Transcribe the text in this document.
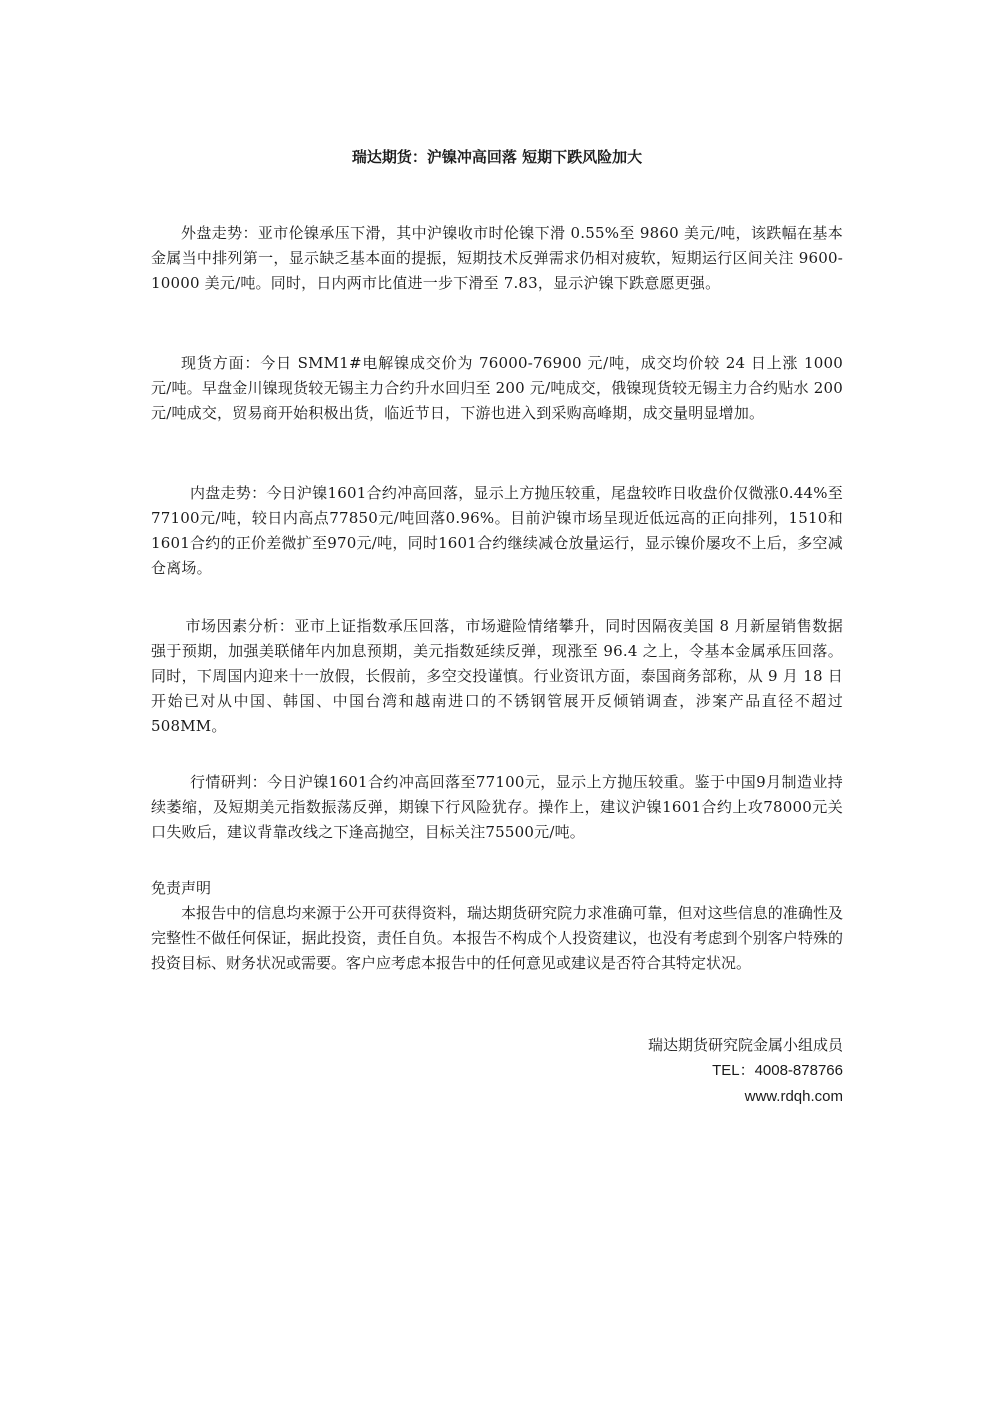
瑞达期货：沪镍冲高回落 短期下跌风险加大

外盘走势：亚市伦镍承压下滑，其中沪镍收市时伦镍下滑 0.55%至 9860 美元/吨，该跌幅在基本金属当中排列第一，显示缺乏基本面的提振，短期技术反弹需求仍相对疲软，短期运行区间关注 9600-10000 美元/吨。同时，日内两市比值进一步下滑至 7.83，显示沪镍下跌意愿更强。

现货方面：今日 SMM1#电解镍成交价为 76000-76900 元/吨，成交均价较 24 日上涨 1000 元/吨。早盘金川镍现货较无锡主力合约升水回归至 200 元/吨成交，俄镍现货较无锡主力合约贴水 200 元/吨成交，贸易商开始积极出货，临近节日，下游也进入到采购高峰期，成交量明显增加。

内盘走势：今日沪镍1601合约冲高回落，显示上方抛压较重，尾盘较昨日收盘价仅微涨0.44%至77100元/吨，较日内高点77850元/吨回落0.96%。目前沪镍市场呈现近低远高的正向排列，1510和1601合约的正价差微扩至970元/吨，同时1601合约继续减仓放量运行，显示镍价屡攻不上后，多空减仓离场。

市场因素分析：亚市上证指数承压回落，市场避险情绪攀升，同时因隔夜美国 8 月新屋销售数据强于预期，加强美联储年内加息预期，美元指数延续反弹，现涨至 96.4 之上，令基本金属承压回落。同时，下周国内迎来十一放假，长假前，多空交投谨慎。行业资讯方面，泰国商务部称，从 9 月 18 日开始已对从中国、韩国、中国台湾和越南进口的不锈钢管展开反倾销调查，涉案产品直径不超过 508MM。

行情研判：今日沪镍1601合约冲高回落至77100元，显示上方抛压较重。鉴于中国9月制造业持续萎缩，及短期美元指数振荡反弹，期镍下行风险犹存。操作上，建议沪镍1601合约上攻78000元关口失败后，建议背靠改线之下逢高抛空，目标关注75500元/吨。

免责声明

本报告中的信息均来源于公开可获得资料，瑞达期货研究院力求准确可靠，但对这些信息的准确性及完整性不做任何保证，据此投资，责任自负。本报告不构成个人投资建议，也没有考虑到个别客户特殊的投资目标、财务状况或需要。客户应考虑本报告中的任何意见或建议是否符合其特定状况。

瑞达期货研究院金属小组成员

TEL：4008-878766

www.rdqh.com
